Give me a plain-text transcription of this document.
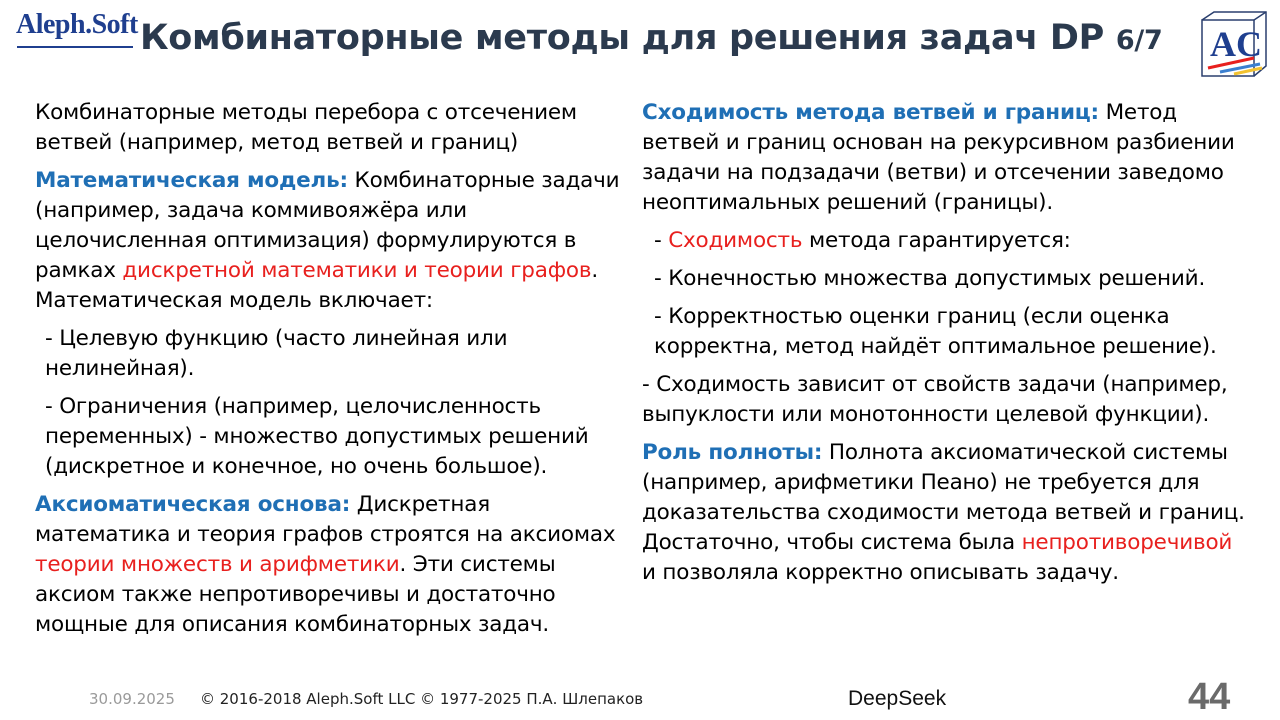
Aleph.Soft Комбинаторные методы для решения задач DP 6/7 AC

Комбинаторные методы перебора с отсечением ветвей (например, метод ветвей и границ)

Математическая модель: Комбинаторные задачи (например, задача коммивояжёра или целочисленная оптимизация) формулируются в рамках дискретной математики и теории графов. Математическая модель включает:

- Целевую функцию (часто линейная или нелинейная).

- Ограничения (например, целочисленность переменных) - множество допустимых решений (дискретное и конечное, но очень большое).

Аксиоматическая основа: Дискретная математика и теория графов строятся на аксиомах теории множеств и арифметики. Эти системы аксиом также непротиворечивы и достаточно мощные для описания комбинаторных задач.

Сходимость метода ветвей и границ: Метод ветвей и границ основан на рекурсивном разбиении задачи на подзадачи (ветви) и отсечении заведомо неоптимальных решений (границы).

- Сходимость метода гарантируется:

- Конечностью множества допустимых решений.

- Корректностью оценки границ (если оценка корректна, метод найдёт оптимальное решение).

- Сходимость зависит от свойств задачи (например, выпуклости или монотонности целевой функции).

Роль полноты: Полнота аксиоматической системы (например, арифметики Пеано) не требуется для доказательства сходимости метода ветвей и границ. Достаточно, чтобы система была непротиворечивой и позволяла корректно описывать задачу.

30.09.2025 © 2016-2018 Aleph.Soft LLC © 1977-2025 П.А. Шлепаков	DeepSeek	44
